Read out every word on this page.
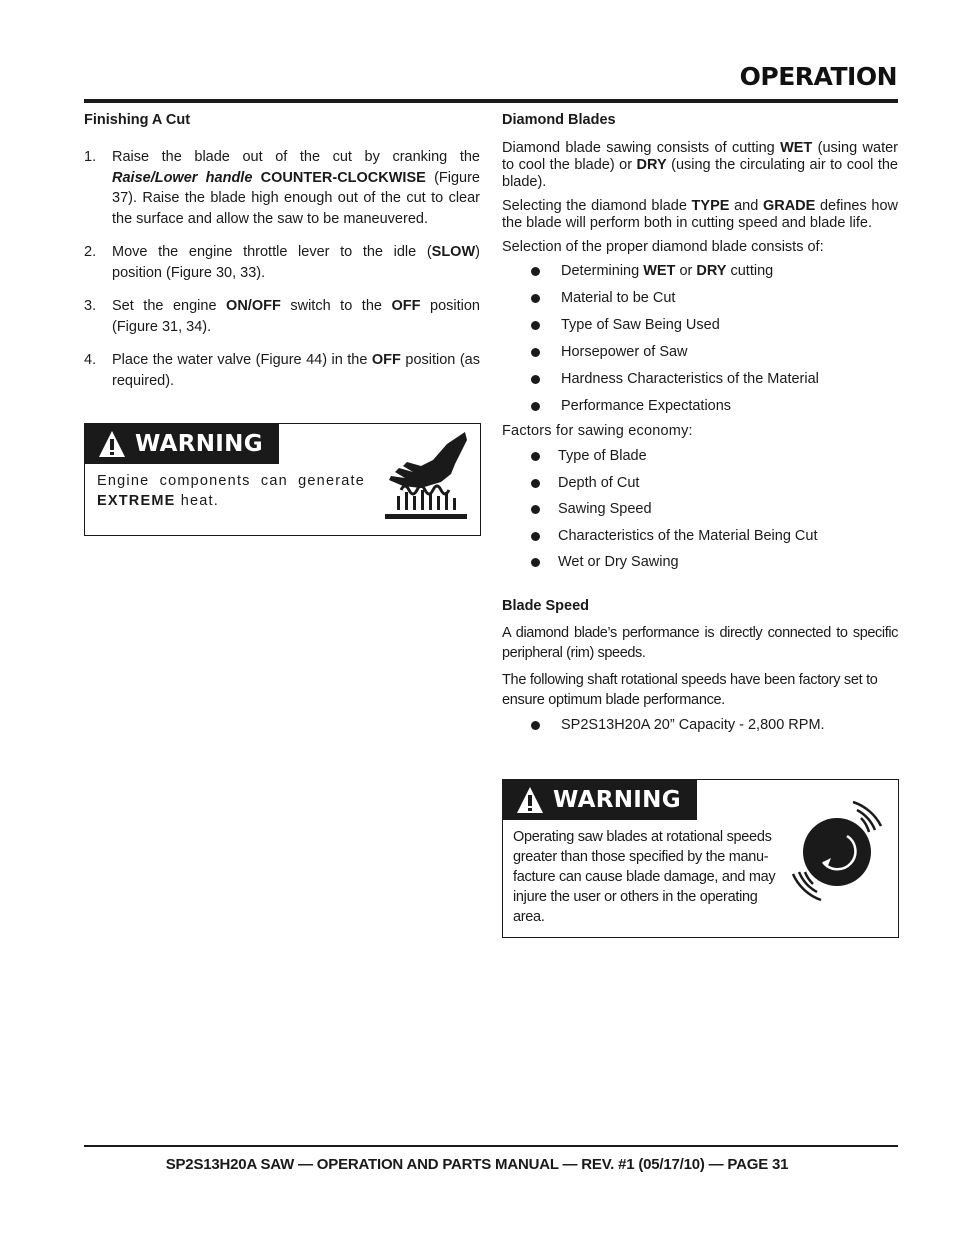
OPERATION
Finishing A Cut
1. Raise the blade out of the cut by cranking the Raise/Lower handle COUNTER-CLOCKWISE (Figure 37). Raise the blade high enough out of the cut to clear the surface and allow the saw to be maneuvered.
2. Move the engine throttle lever to the idle (SLOW) position (Figure 30, 33).
3. Set the engine ON/OFF switch to the OFF position (Figure 31, 34).
4. Place the water valve (Figure 44) in the OFF position (as required).
WARNING

Engine components can generate EXTREME heat.

Diamond Blades

Diamond blade sawing consists of cutting WET (using water to cool the blade) or DRY (using the circulating air to cool the blade).

Selecting the diamond blade TYPE and GRADE defines how the blade will perform both in cutting speed and blade life.

Selection of the proper diamond blade consists of:

Determining WET or DRY cutting
Material to be Cut
Type of Saw Being Used
Horsepower of Saw
Hardness Characteristics of the Material
Performance Expectations

Factors for sawing economy:

Type of Blade
Depth of Cut
Sawing Speed
Characteristics of the Material Being Cut
Wet or Dry Sawing
Blade Speed

A diamond blade’s performance is directly connected to specific peripheral (rim) speeds.

The following shaft rotational speeds have been factory set to ensure optimum blade performance.

SP2S13H20A 20” Capacity - 2,800 RPM.
WARNING

Operating saw blades at rotational speeds greater than those specified by the manu-facture can cause blade damage, and may injure the user or others in the operating area.

SP2S13H20A SAW — OPERATION AND PARTS MANUAL — REV. #1 (05/17/10) — PAGE 31
